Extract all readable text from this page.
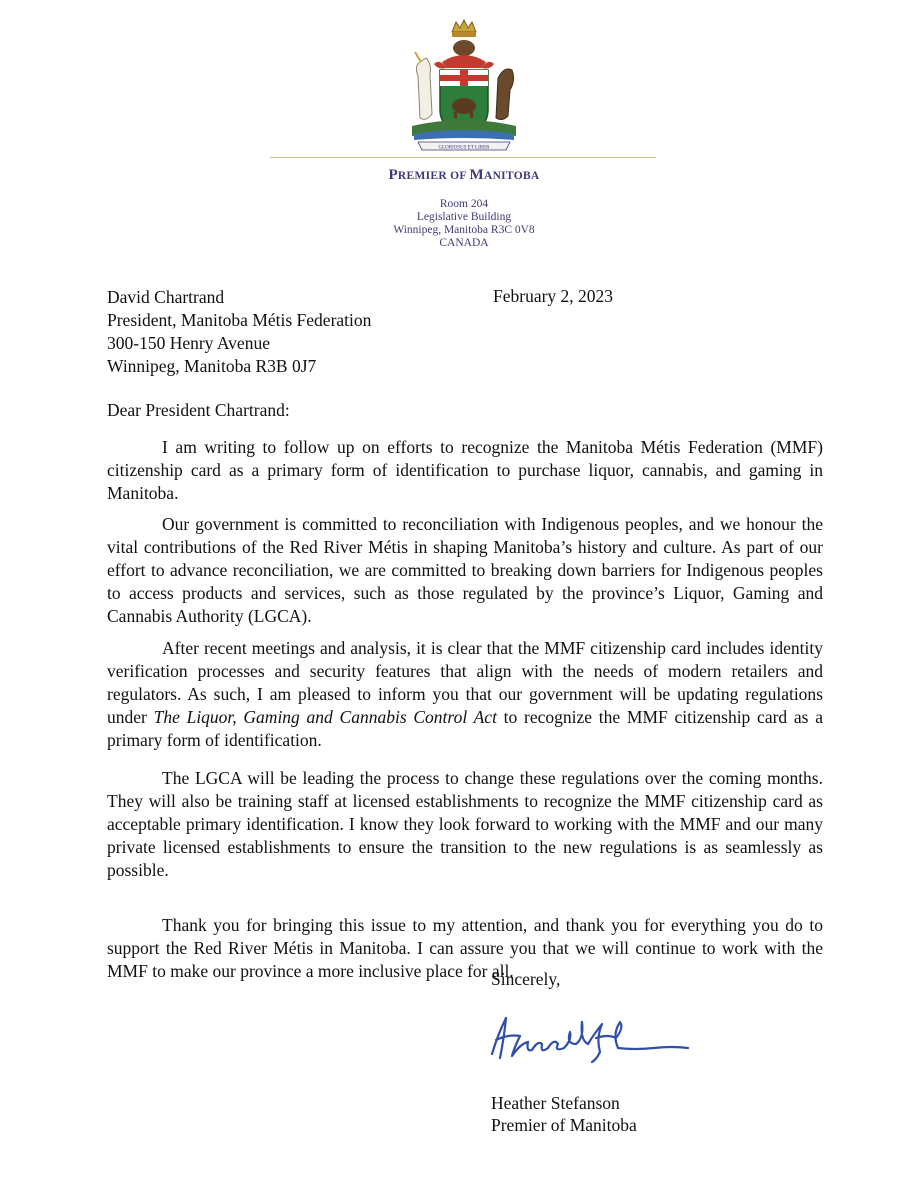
GLORIOSUS ET LIBER
PREMIER OF MANITOBA
Room 204
Legislative Building
Winnipeg, Manitoba R3C 0V8
CANADA
David Chartrand
President, Manitoba Métis Federation
300-150 Henry Avenue
Winnipeg, Manitoba R3B 0J7
February 2, 2023
Dear President Chartrand:

I am writing to follow up on efforts to recognize the Manitoba Métis Federation (MMF) citizenship card as a primary form of identification to purchase liquor, cannabis, and gaming in Manitoba.

Our government is committed to reconciliation with Indigenous peoples, and we honour the vital contributions of the Red River Métis in shaping Manitoba’s history and culture. As part of our effort to advance reconciliation, we are committed to breaking down barriers for Indigenous peoples to access products and services, such as those regulated by the province’s Liquor, Gaming and Cannabis Authority (LGCA).

After recent meetings and analysis, it is clear that the MMF citizenship card includes identity verification processes and security features that align with the needs of modern retailers and regulators. As such, I am pleased to inform you that our government will be updating regulations under The Liquor, Gaming and Cannabis Control Act to recognize the MMF citizenship card as a primary form of identification.

The LGCA will be leading the process to change these regulations over the coming months. They will also be training staff at licensed establishments to recognize the MMF citizenship card as acceptable primary identification. I know they look forward to working with the MMF and our many private licensed establishments to ensure the transition to the new regulations is as seamlessly as possible.

Thank you for bringing this issue to my attention, and thank you for everything you do to support the Red River Métis in Manitoba. I can assure you that we will continue to work with the MMF to make our province a more inclusive place for all.

Sincerely,
Heather Stefanson
Premier of Manitoba
